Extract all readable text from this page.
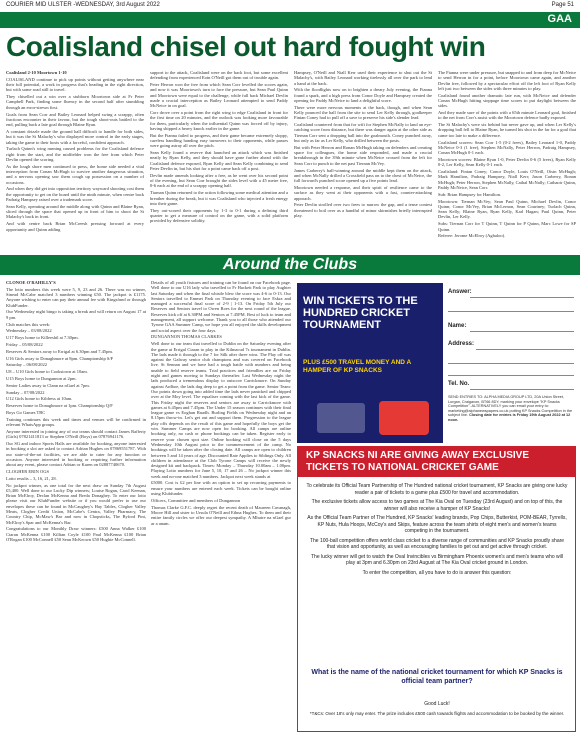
COURIER MID ULSTER -WEDNESDAY, 3rd August 2022	Page 51
GAA
Coalisland chisel out hard fought win

Coalisland 2-10 Moortown 1-10

COALISLAND continue to pick up points without getting anywhere near their full potential, a work in progress that's heading in the right direction, but with some road still to travel.

They chiselled out a win over a stubborn Moortown side at Fr Peter Campbell Park, finding some fluency in the second half after stumbling through an error-strewn first.

Goals from Sean Corr and Bailey Leonard helped swing a scrappy, often fractious encounter in their favour, but the tough shoot-outs battled to the end, pulling back a late goal through Blaine Ryan.

A constant drizzle made the ground hall difficult to handle for both sides, but it was the St Malachy's who displayed more control in the early stages, taking the game to their hosts with a forceful, confident approach.

Turlach Quinn's wing running caused problems for the Coalisland defence right from the start, and the midfielder won the free from which Peter Devlin opened the scoring.

As the lough shore men continued to press, the home side needed a vital interception from Conan McHugh to survive another dangerous situation, and a nervous opening saw them cough up possession on a number of occasions.

And when they did get into opposition territory wayward shooting cost them the opportunity to get on the board until the ninth minute, when centre back Padraig Hampsey raised over a trademark score.

Sean Kelly, operating around the middle along with Quinn and Blaine Ryan, sliced through the space that opened up in front of him to shoot the St Malachy's back in front.

And with centre back Brian McCreesh pressing forward at every opportunity and Quinn adding

support to the attack, Coalisland were on the back foot, but some excellent defending from experienced Eoin O'Neill got them out of trouble again.

Peter Herron won the free from which Sean Corr levelled the scores again, and now it was Moortown's turn to face the pressure, but Sean Paul Quinn and Moortown were equal to the challenge, while full back Michael Devlin made a crucial interception as Bailey Leonard attempted to send Paddy McNeice in on goal.

Corr drove over a point from the right wing to edge Coalisland in front for the first time on 20 minutes, and the outlook was looking more favourable for them, particularly when the influential Quinn was forced off by injury, having shipped a heavy knock earlier in the game.

But the Fianna failed to progress, and their game became extremely sloppy, careless handling handing easy turnovers to their opponents, while passes were going astray all over the pitch.

Sean Kelly found a reserve that launched an attack which was finished neatly by Ryan Kelly, and they should have gone further ahead with the Coalisland defence exposed, Ryan Kelly and Sean Kelly combining to send Peter Devlin in, but his shot for a point came back off a post.

Devlin made amends looking after a free, as he went over his second point of the evening, but Sean Corr brought the sides level with a 45 metre free, 0-6 each at the end of a scrappy opening half.

Tiarnan Quinn returned to the action following some medical attention and a breather during the break, but it was Coalisland who injected a fresh energy into their game.

They out-scored their opponents by 1-3 to 0-1 during a defining third quarter to get a measure of control on the game, with a solid platform provided by defensive solidity.

Hampsey, O'Neill and Niall Kerr used their experience to shut out the St Malachy's, with Bailey Leonard working tirelessly all over the park to lend a hand at the back.

With the floodlights now on to brighten a dreary July evening, the Fianna found a spark, and a high press from Conor Doyle and Hampsey created the opening for Paddy McNeice to land a delightful score.

There were more nervous moments at the back, though, and when Sean Kelly pounced the ball from the site to send Ler Kelly through, goalkeeper Fintan Coney had to pull off a save to preserve his side's slender lead.

Coalisland countered from that for wifi for Stephen McNally to land an eye-catching score from distance, but there was danger again at the other side as Tiernan Corr sent a dropping ball into the goalmouth. Coney punched away, but only as far as Ler Kelly, who drilled between the posts.

But with Peter Herron and Ronan McHugh taking on defenders and creating space for colleagues, the home side responded, and made a crucial breakthrough in the 39th minute when McNeice crossed from the left for Sean Corr to punch to the net past Tiernan McVey.

James Carberry's ball-winning around the middle kept them on the attack, and when McNally drilled a Crossfield pass on to the chest of McNeice, the full forward's punched score opened up a five points lead.

Moortown needed a response, and their spirit of resilience came to the surface as they went at their opponents with a fast, counter-attacking approach.

Peter Devlin strolled over two frees to narrow the gap, and a tense contest threatened to boil over as a handful of minor skirmishes briefly interrupted play.

The Fianna were under pressure, but snapped to and from deep for McNeice to send Herron in for a point, before Moortown came again, and another Devlin free, followed by a spectacular effort off the left foot of Ryan Kelly left just two between the sides with three minutes to play.

Coalisland found another dramatic late run, with McNeice and defender Conan McHugh hitting stoppage time scores to put daylight between the sides.

And they made sure of the points with a 65th minute Leonard goal, finished to the net from Corr's assist with the Moortown defence badly exposed.

The St Malachy's were six behind but never gave up, and when Ler Kelly's dropping ball fell to Blaine Ryan, he turned his shot in the far for a goal that came too late to make a difference.

Coalisland scorers: Sean Corr 1-5 (0-2 frees), Bailey Leonard 1-0, Paddy McNeice 0-3 (1 free), Stephen McNally, Peter Herron, Padraig Hampsey, Conan McHugh 0-1 each.

Moortown scorers: Blaine Ryan 1-0, Peter Devlin 0-6 (5 frees), Ryan Kelly 0-2, Ler Kelly, Sean Kelly 0-1 each.

Coalisland: Fintan Coney; Conor Doyle, Louis O'Neill, Oisin McHugh; Mark Hamilton, Padraig Hampsey, Niall Kerr; Jason Carberry, Ronan McHugh; Peter Herron, Stephen McNally, Cathal McNally; Cathaoir Quinn, Paddy McNeice, Sean Corr.

Sub: Brian Hampsey for Hamilton.

Moortown: Tiernan McVey; Sean Paul Quinn, Michael Devlin, Conor Quinn; Conor McVey, Brian McLernon, Sean Courtney; Turlach Quinn, Sean Kelly; Blaine Ryan, Ryan Kelly, Karl Hagan; Paul Quinn, Peter Devlin, Ler Kelly.

Subs: Tiernan Corr for T Quinn, T Quinn for P Quinn, Marc Lowe for SP Quinn.

Referee: Jerome McElroy (Aghaloo).

Around the Clubs

CLONOE O'RAHILLY'S

The lotto numbers this week were 5, 9, 23 and 26. There was no winner, Sinead McCabe matched 3 numbers winning £50. The jackpot is £1175. Anyone wishing to enter can pay their annual fee with Kingsfund or through KlubFunder.

Our Wednesday night bingo is taking a break and will return on August 17 at 9 pm.

Club matches this week:

Wednesday – 03/08/2022

U17 Boys home to Killeeshil at 7.30pm.

Friday – 05/08/2022

Reserves & Seniors away to Errigal at 6.30pm and 7.45pm.

U16 Girls away to Donaghmore at 8pm. Championship S/F

Saturday – 06/08/2022

U8 – U10 Girls home to Cookstown at 10am.

U15 Boys home to Dungannon at 2pm.

Senior Ladies away to Clann na nGael at 7pm.

Sunday – 07/08/2022

U12 Girls home to Kildress at 10am.

Reserves home to Donaghmore at 1pm. Championship Q/F

Boys Go Games TBC

Training continues this week and times and venues will be confirmed in relevant WhatsApp groups.

Anyone interested in joining any of our teams should contact James Rafferty (Girls) 07821411813 or Stephen O'Neill (Boys) on 07876941176.

Our SG and indoor Sports Halls are available for booking, anyone interested in booking a slot are asked to contact Adrian Hughes on 07869551787. With our state-of-the-art facilities, we are able to cater for any function or occasion. Anyone interested in booking or requiring further information about any event, please contact Adrian or Karen on 02887740670.

CLOGHER ERIN OGS

Lotto results – 3, 16, 21, 28.

No jackpot winner, as one total for the next draw on Sunday 7th August £5,400. Well done to our Lucky Dip winners; Louise Rogan, Carol Keenan, Brian McElroy, Declan McKenna and Breda Donaghey. To enter our lotto please visit our KlubFunder website or if you would prefer to use our envelopes these can be found in McCaughey's Hay Tables, Clogher Valley Meats, Clogher Credit Union, McCabe's Centra, Valley Pharmacy, The Country Chip, McMaw's Bar and now in Chopsticks, The Byford Pint, McElroy's Spar and McKenna's Bar.

Congratulations to our Monthly Draw winners: £500 Anna Walker £100 Ciaran McKenna £100 Killian Coyle £100 Paul McKenna £100 Brian O'Rogan £100 McConnell £50 Sean McKeown £50 Hughie McConnell.

Details of all youth fixtures and training can be found on our Facebook page. Well done to our U16 lady who travelled to Fr Hackett Park to play Aughter last Saturday and when the final whistle blew the score was 4-6 to 0-13. Our Seniors travelled to Emmet Park on Thursday evening to face Eskra and managed a successful final score of 2-9 | 1-13. On Friday 5th July our Reserves and Seniors travel to Owen Roes for the next round of the league. Reserves kick off at 6.30PM and Seniors at 7.45PM. Best of luck to team and management, all support welcome. Thank you to all those who attended our Tyrone GAA Summer Camp, we hope you all enjoyed the skills development and social aspect over the four days.

DUNGANNON THOMAS CLARKES

Well done to our team that travelled to Dublin on the Saturday evening after the game at Errigal Ciaran to play in the Kilmacud 7s tournament in Dublin. The lads made it through to the 7 for Silk after three wins. The Play off was against the Galway senior club champions and was covered on Facebook live. St Sennan and we have had a tough battle with numbers and being unable to field reserve teams. Trial practices and friendlies are on Friday night and games moving to Sundays thereafter. Last Wednesday night the lads produced a tremendous display to outscore Carrickmore. On Sunday against Ardboe, the lads dug deep to get a point from the game. Senior Team: Our points down going into added time the lads never panicked and chipped over at the Moy level. The equaliser coming with the last kick of the game. This Friday night the reserves and seniors are away to Carrickmore with games at 6.45pm and 7.45pm. The Under 15 season continues with their final league game vs Eoghan Ruadh. Burling Fields on Wednesday night and an 8.15pm throw-in. Let's get out and support them. Progression to the league play offs depends on the result of this game and hopefully the boys get the win. Summer Camps are now open for booking. All camps are online booking only, no cash or phone bookings can be taken. Register early to reserve your chosen spot size. Online booking will close on the 5 days Wednesday 10th August prior to the commencement of the camp. No bookings will be taken after the closing date. All camps are open to children between 5 and 14 years of age. Discounted Rate Applies to Siblings Only. All children in attendance at the Club Tyrone Camps will receive the newly designed kit and backpack. Times: Monday – Thursday 10.00am – 1.00pm. Playing Lotto numbers for June 5, 10, 17 and 26 – No jackpot winner this week and no-one matched 3 numbers. Jackpot next week stands at

£5000. Cost is £2 per line with an option to set up recurring payments to ensure your numbers are entered each week. Tickets can be bought online using Klubfunder.

Officers, Committee and members of Dungannon

Thomas Clarke G.F.C. deeply regret the recent death of Maureen Cavanagh, Moore Hill and sister to Ursula O'Neill and Ethna Hughes. To them and their entire family circles we offer our deepest sympathy. A Mhuire na nGael gur ar a anam.

WIN TICKETS TO THE HUNDRED CRICKET TOURNAMENT
PLUS £500 TRAVEL MONEY AND A HAMPER OF KP SNACKS
Answer:
Name:
Address:
Tel. No.
SEND ENTRIES TO: ALPHA MEDIA GROUP LTD, 20A Union Street, Lurgan, Craigavon, BT66 8DY, marking your envelope "KP Snacks Competition". ALTERNATIVELY you can email your entry to: marketing@alphanewspapers.co.uk putting KP Snacks Competition in the subject line. Closing date for entries is Friday 19th August 2022 at 12 noon.
KP SNACKS NI ARE GIVING AWAY EXCLUSIVE TICKETS TO NATIONAL CRICKET GAME

To celebrate its Official Team Partnership of The Hundred national cricket tournament, KP Snacks are giving one lucky reader a pair of tickets to a game plus £500 for travel and accommodation.

The exclusive tickets allow access to two games at The Kia Oval on Tuesday (23rd August) and on top of this, the winner will also receive a hamper of KP Snacks!

As the Official Team Partner of The Hundred, KP Snacks' leading brands, Pop Chips, Butterkist, POM-BEAR, Tyrrells, KP Nuts, Hula Hoops, McCoy's and Skips, feature across the team shirts of eight men's and women's teams competing in the tournament.

The 100-ball competition offers world class cricket to a diverse range of communities and KP Snacks proudly share that vision and opportunity, as well as encouraging families to get out and get active through cricket.

The lucky winner will get to watch the Oval Invincibles vs Birmingham Phoenix women's and men's teams who will play at 3pm and 6.30pm on 23rd August at The Kia Oval cricket ground in London.

To enter the competition, all you have to do is answer this question:

What is the name of the national cricket tournament for which KP Snacks is official team partner?
Good Luck!
*T&Cs: Over 18's only may enter. The prize includes £500 cash towards flights and accommodation to be booked by the winner.
